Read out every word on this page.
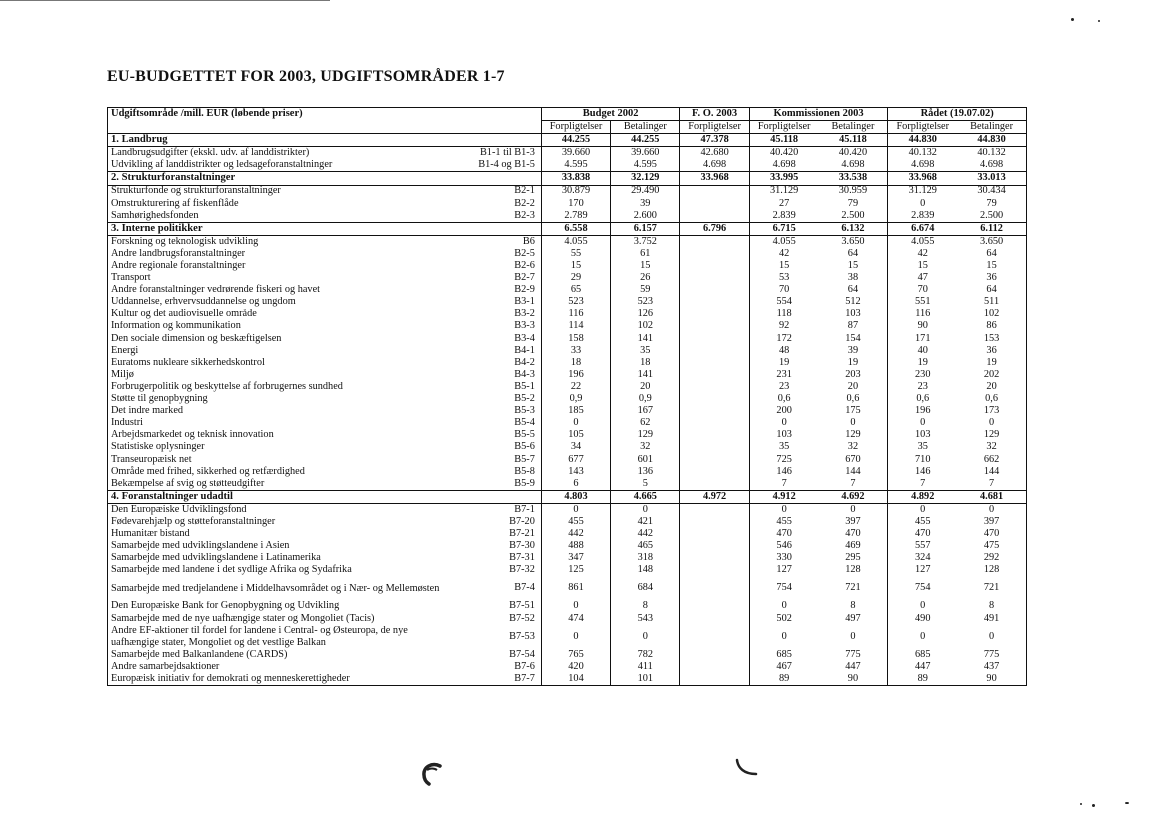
EU-BUDGETTET FOR 2003, UDGIFTSOMRÅDER 1-7
Udgiftsområde /mill. EUR (løbende priser)		Budget 2002		F. O. 2003	Kommissionen 2003		Rådet (19.07.02)	
		Forpligtelser	Betalinger	Forpligtelser	Forpligtelser	Betalinger	Forpligtelser	Betalinger
1. Landbrug		44.255	44.255	47.378	45.118	45.118	44.830	44.830
Landbrugsudgifter (ekskl. udv. af landdistrikter)	B1-1 til B1-3	39.660	39.660	42.680	40.420	40.420	40.132	40.132
Udvikling af landdistrikter og ledsageforanstaltninger	B1-4 og B1-5	4.595	4.595	4.698	4.698	4.698	4.698	4.698
2. Strukturforanstaltninger		33.838	32.129	33.968	33.995	33.538	33.968	33.013
Strukturfonde og strukturforanstaltninger	B2-1	30.879	29.490		31.129	30.959	31.129	30.434
Omstrukturering af fiskenflåde	B2-2	170	39		27	79	0	79
Samhørighedsfonden	B2-3	2.789	2.600		2.839	2.500	2.839	2.500
3. Interne politikker		6.558	6.157	6.796	6.715	6.132	6.674	6.112
Forskning og teknologisk udvikling	B6	4.055	3.752		4.055	3.650	4.055	3.650
Andre landbrugsforanstaltninger	B2-5	55	61		42	64	42	64
Andre regionale foranstaltninger	B2-6	15	15		15	15	15	15
Transport	B2-7	29	26		53	38	47	36
Andre foranstaltninger vedrørende fiskeri og havet	B2-9	65	59		70	64	70	64
Uddannelse, erhvervsuddannelse og ungdom	B3-1	523	523		554	512	551	511
Kultur og det audiovisuelle område	B3-2	116	126		118	103	116	102
Information og kommunikation	B3-3	114	102		92	87	90	86
Den sociale dimension og beskæftigelsen	B3-4	158	141		172	154	171	153
Energi	B4-1	33	35		48	39	40	36
Euratoms nukleare sikkerhedskontrol	B4-2	18	18		19	19	19	19
Miljø	B4-3	196	141		231	203	230	202
Forbrugerpolitik og beskyttelse af forbrugernes sundhed	B5-1	22	20		23	20	23	20
Støtte til genopbygning	B5-2	0,9	0,9		0,6	0,6	0,6	0,6
Det indre marked	B5-3	185	167		200	175	196	173
Industri	B5-4	0	62		0	0	0	0
Arbejdsmarkedet og teknisk innovation	B5-5	105	129		103	129	103	129
Statistiske oplysninger	B5-6	34	32		35	32	35	32
Transeuropæisk net	B5-7	677	601		725	670	710	662
Område med frihed, sikkerhed og retfærdighed	B5-8	143	136		146	144	146	144
Bekæmpelse af svig og støtteudgifter	B5-9	6	5		7	7	7	7
4. Foranstaltninger udadtil		4.803	4.665	4.972	4.912	4.692	4.892	4.681
Den Europæiske Udviklingsfond	B7-1	0	0		0	0	0	0
Fødevarehjælp og støtteforanstaltninger	B7-20	455	421		455	397	455	397
Humanitær bistand	B7-21	442	442		470	470	470	470
Samarbejde med udviklingslandene i Asien	B7-30	488	465		546	469	557	475
Samarbejde med udviklingslandene i Latinamerika	B7-31	347	318		330	295	324	292
Samarbejde med landene i det sydlige Afrika og Sydafrika	B7-32	125	148		127	128	127	128
Samarbejde med tredjelandene i Middelhavsområdet og i Nær- og Mellemøsten	B7-4	861	684		754	721	754	721
Den Europæiske Bank for Genopbygning og Udvikling	B7-51	0	8		0	8	0	8
Samarbejde med de nye uafhængige stater og Mongoliet (Tacis)	B7-52	474	543		502	497	490	491
Andre EF-aktioner til fordel for landene i Central- og Østeuropa, de nye uafhængige stater, Mongoliet og det vestlige Balkan	B7-53	0	0		0	0	0	0
Samarbejde med Balkanlandene (CARDS)	B7-54	765	782		685	775	685	775
Andre samarbejdsaktioner	B7-6	420	411		467	447	447	437
Europæisk initiativ for demokrati og menneskerettigheder	B7-7	104	101		89	90	89	90
